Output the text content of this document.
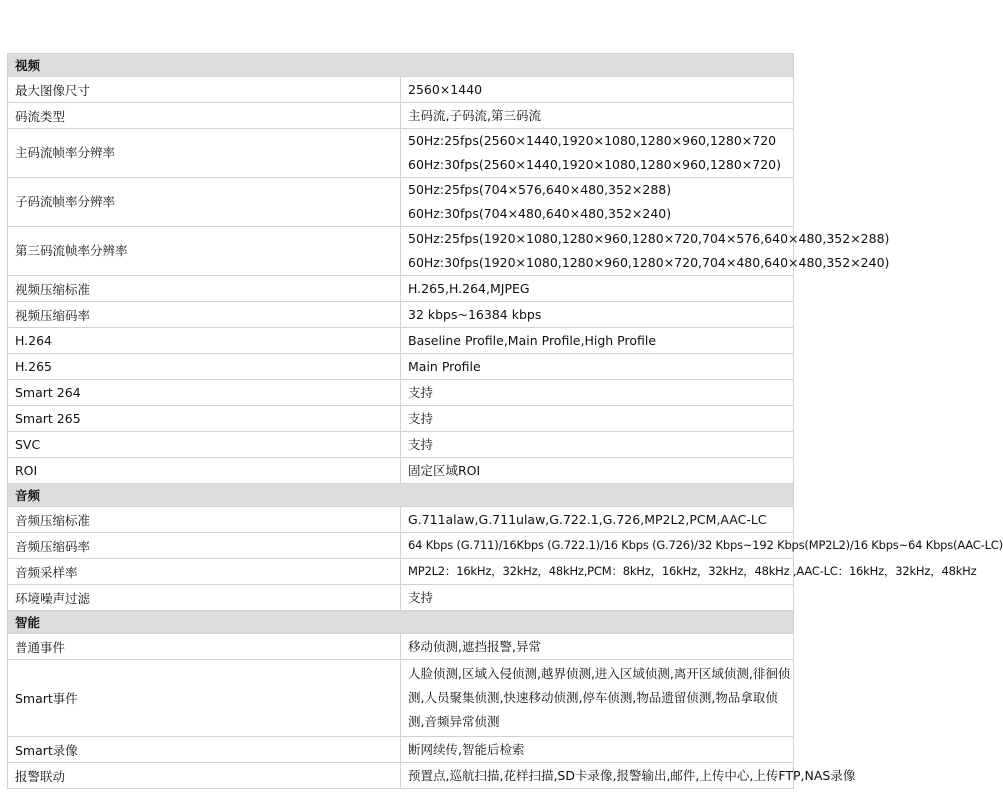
视频	
最大图像尺寸	2560×1440

码流类型	主码流,子码流,第三码流

主码流帧率分辨率	50Hz:25fps(2560×1440,1920×1080,1280×960,1280×720
60Hz:30fps(2560×1440,1920×1080,1280×960,1280×720)

子码流帧率分辨率	50Hz:25fps(704×576,640×480,352×288)
60Hz:30fps(704×480,640×480,352×240)

第三码流帧率分辨率	50Hz:25fps(1920×1080,1280×960,1280×720,704×576,640×480,352×288)
60Hz:30fps(1920×1080,1280×960,1280×720,704×480,640×480,352×240)

视频压缩标准	H.265,H.264,MJPEG

视频压缩码率	32 kbps~16384 kbps

H.264	Baseline Profile,Main Profile,High Profile

H.265	Main Profile

Smart 264	支持

Smart 265	支持

SVC	支持

ROI	固定区域ROI

音频	
音频压缩标准	G.711alaw,G.711ulaw,G.722.1,G.726,MP2L2,PCM,AAC-LC

音频压缩码率	64 Kbps (G.711)/16Kbps (G.722.1)/16 Kbps (G.726)/32 Kbps~192 Kbps(MP2L2)/16 Kbps~64 Kbps(AAC-LC)

音频采样率	MP2L2：16kHz，32kHz，48kHz,PCM：8kHz，16kHz，32kHz，48kHz ,AAC-LC：16kHz，32kHz，48kHz

环境噪声过滤	支持

智能	
普通事件	移动侦测,遮挡报警,异常

Smart事件	人脸侦测,区域入侵侦测,越界侦测,进入区域侦测,离开区域侦测,徘徊侦测,人员聚集侦测,快速移动侦测,停车侦测,物品遗留侦测,物品拿取侦测,音频异常侦测

Smart录像	断网续传,智能后检索

报警联动	预置点,巡航扫描,花样扫描,SD卡录像,报警输出,邮件,上传中心,上传FTP,NAS录像
